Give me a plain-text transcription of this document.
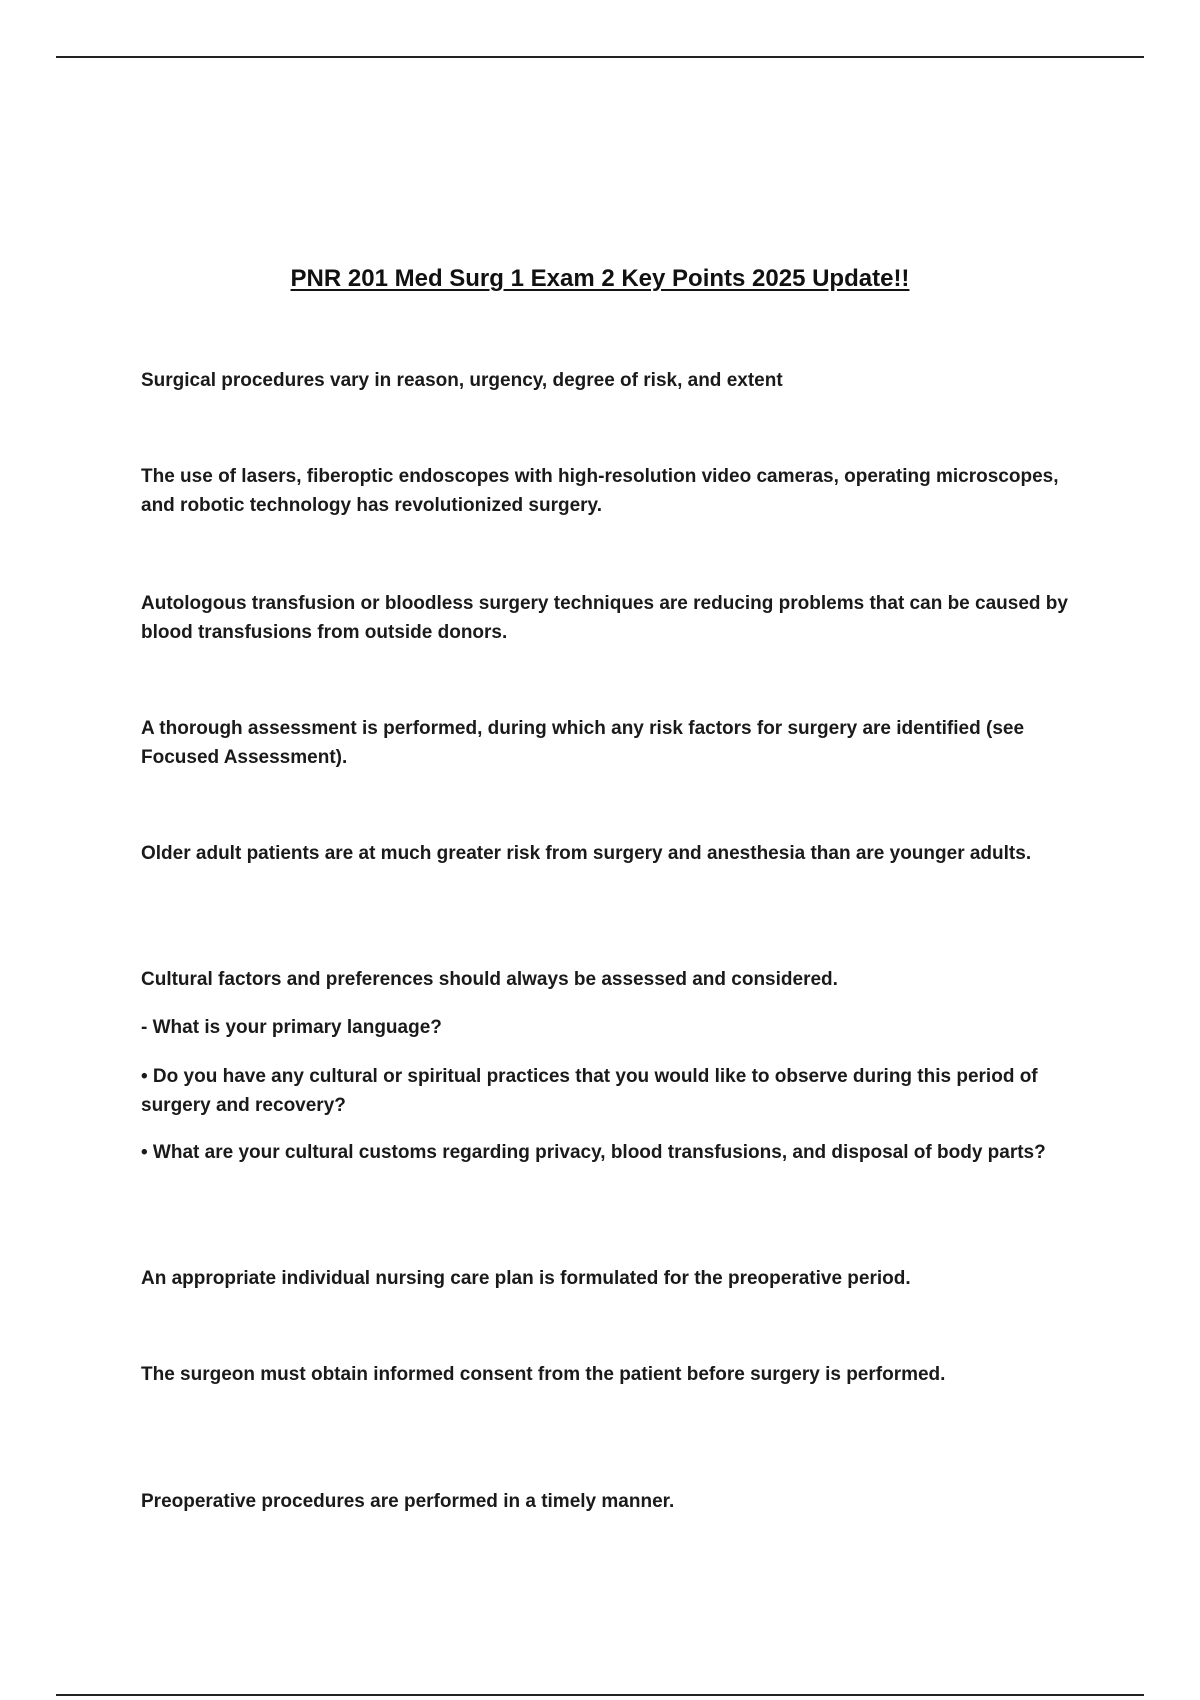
PNR 201 Med Surg 1 Exam 2 Key Points 2025 Update!!

Surgical procedures vary in reason, urgency, degree of risk, and extent

The use of lasers, fiberoptic endoscopes with high-resolution video cameras, operating microscopes, and robotic technology has revolutionized surgery.

Autologous transfusion or bloodless surgery techniques are reducing problems that can be caused by blood transfusions from outside donors.

A thorough assessment is performed, during which any risk factors for surgery are identified (see Focused Assessment).

Older adult patients are at much greater risk from surgery and anesthesia than are younger adults.

Cultural factors and preferences should always be assessed and considered.

- What is your primary language?

• Do you have any cultural or spiritual practices that you would like to observe during this period of surgery and recovery?

• What are your cultural customs regarding privacy, blood transfusions, and disposal of body parts?

An appropriate individual nursing care plan is formulated for the preoperative period.

The surgeon must obtain informed consent from the patient before surgery is performed.

Preoperative procedures are performed in a timely manner.
